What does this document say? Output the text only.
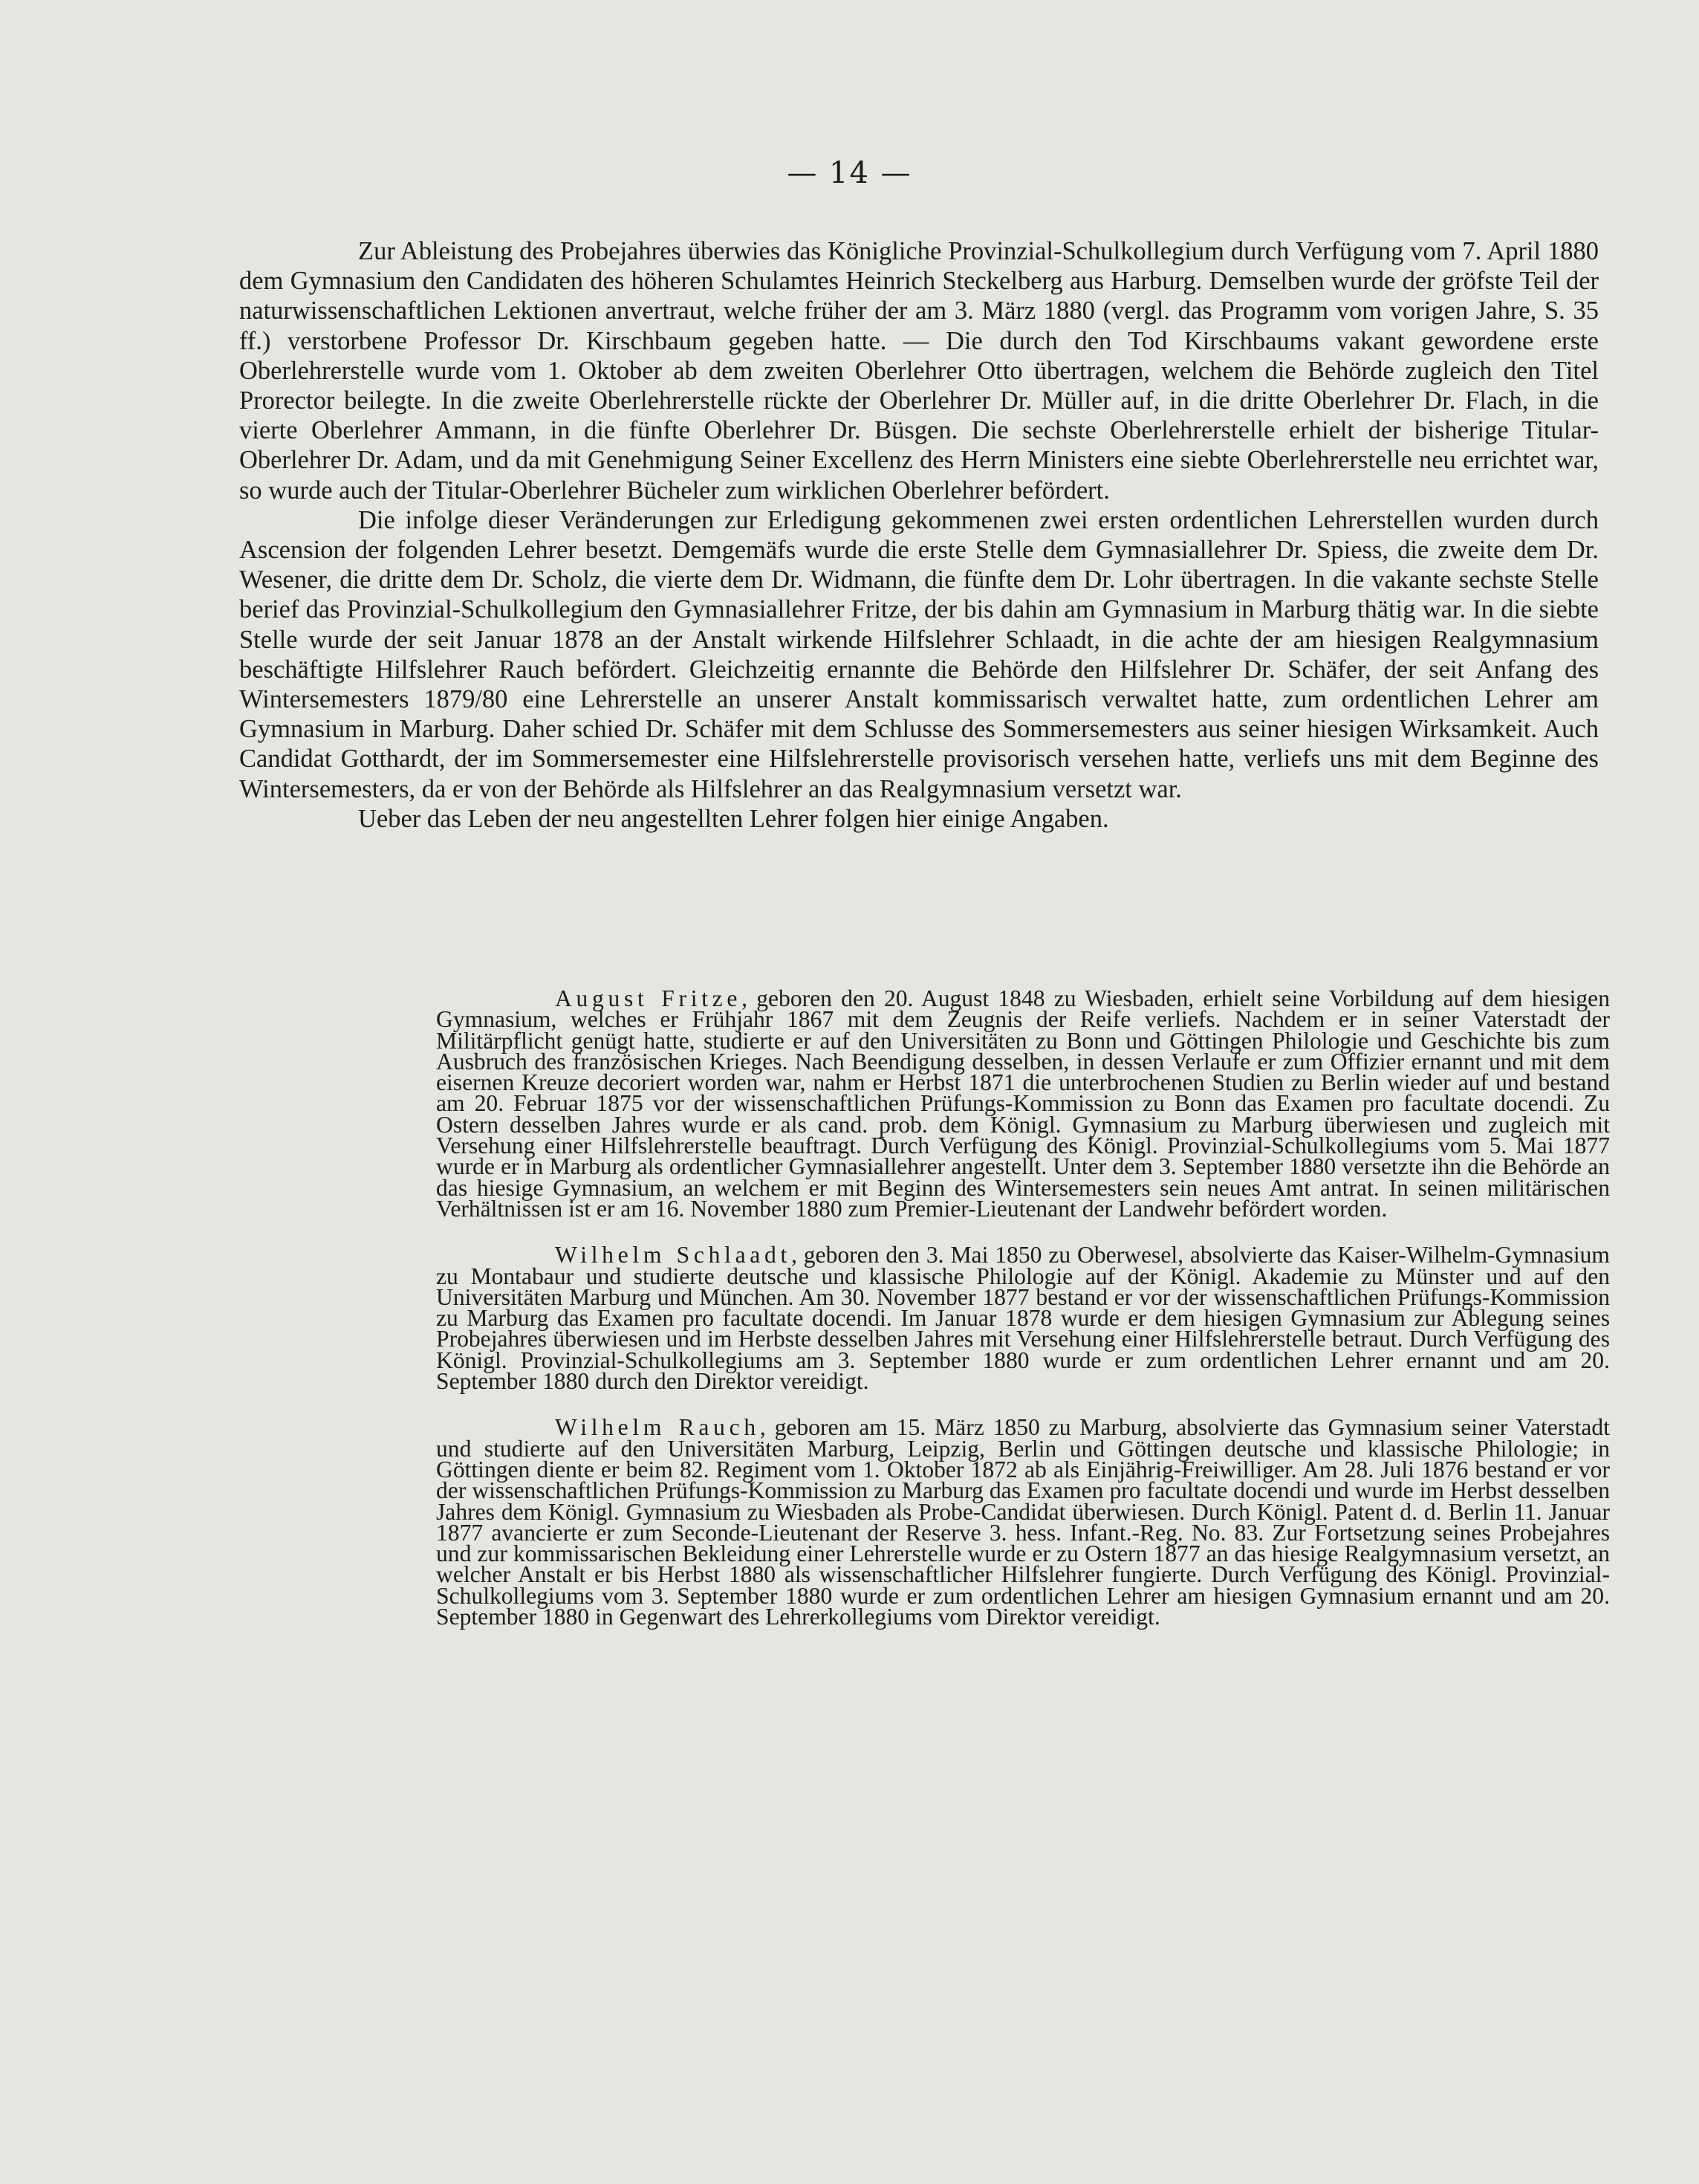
— 14 —

Zur Ableistung des Probejahres überwies das Königliche Provinzial-Schulkollegium durch Verfügung vom 7. April 1880 dem Gymnasium den Candidaten des höheren Schulamtes Heinrich Steckelberg aus Harburg. Demselben wurde der gröfste Teil der naturwissenschaftlichen Lektionen anvertraut, welche früher der am 3. März 1880 (vergl. das Programm vom vorigen Jahre, S. 35 ff.) verstorbene Professor Dr. Kirschbaum gegeben hatte. — Die durch den Tod Kirschbaums vakant gewordene erste Oberlehrerstelle wurde vom 1. Oktober ab dem zweiten Oberlehrer Otto übertragen, welchem die Behörde zugleich den Titel Prorector beilegte. In die zweite Oberlehrerstelle rückte der Oberlehrer Dr. Müller auf, in die dritte Oberlehrer Dr. Flach, in die vierte Oberlehrer Ammann, in die fünfte Oberlehrer Dr. Büsgen. Die sechste Oberlehrerstelle erhielt der bisherige Titular-Oberlehrer Dr. Adam, und da mit Genehmigung Seiner Excellenz des Herrn Ministers eine siebte Oberlehrerstelle neu errichtet war, so wurde auch der Titular-Oberlehrer Bücheler zum wirklichen Oberlehrer befördert.

Die infolge dieser Veränderungen zur Erledigung gekommenen zwei ersten ordentlichen Lehrerstellen wurden durch Ascension der folgenden Lehrer besetzt. Demgemäfs wurde die erste Stelle dem Gymnasiallehrer Dr. Spiess, die zweite dem Dr. Wesener, die dritte dem Dr. Scholz, die vierte dem Dr. Widmann, die fünfte dem Dr. Lohr übertragen. In die vakante sechste Stelle berief das Provinzial-Schulkollegium den Gymnasiallehrer Fritze, der bis dahin am Gymnasium in Marburg thätig war. In die siebte Stelle wurde der seit Januar 1878 an der Anstalt wirkende Hilfslehrer Schlaadt, in die achte der am hiesigen Realgymnasium beschäftigte Hilfslehrer Rauch befördert. Gleichzeitig ernannte die Behörde den Hilfslehrer Dr. Schäfer, der seit Anfang des Wintersemesters 1879/80 eine Lehrerstelle an unserer Anstalt kommissarisch verwaltet hatte, zum ordentlichen Lehrer am Gymnasium in Marburg. Daher schied Dr. Schäfer mit dem Schlusse des Sommersemesters aus seiner hiesigen Wirksamkeit. Auch Candidat Gotthardt, der im Sommersemester eine Hilfslehrerstelle provisorisch versehen hatte, verliefs uns mit dem Beginne des Wintersemesters, da er von der Behörde als Hilfslehrer an das Realgymnasium versetzt war.

Ueber das Leben der neu angestellten Lehrer folgen hier einige Angaben.

August Fritze, geboren den 20. August 1848 zu Wiesbaden, erhielt seine Vorbildung auf dem hiesigen Gymnasium, welches er Frühjahr 1867 mit dem Zeugnis der Reife verliefs. Nachdem er in seiner Vaterstadt der Militärpflicht genügt hatte, studierte er auf den Universitäten zu Bonn und Göttingen Philologie und Geschichte bis zum Ausbruch des französischen Krieges. Nach Beendigung desselben, in dessen Verlaufe er zum Offizier ernannt und mit dem eisernen Kreuze decoriert worden war, nahm er Herbst 1871 die unterbrochenen Studien zu Berlin wieder auf und bestand am 20. Februar 1875 vor der wissenschaftlichen Prüfungs-Kommission zu Bonn das Examen pro facultate docendi. Zu Ostern desselben Jahres wurde er als cand. prob. dem Königl. Gymnasium zu Marburg überwiesen und zugleich mit Versehung einer Hilfslehrerstelle beauftragt. Durch Verfügung des Königl. Provinzial-Schulkollegiums vom 5. Mai 1877 wurde er in Marburg als ordentlicher Gymnasiallehrer angestellt. Unter dem 3. September 1880 versetzte ihn die Behörde an das hiesige Gymnasium, an welchem er mit Beginn des Wintersemesters sein neues Amt antrat. In seinen militärischen Verhältnissen ist er am 16. November 1880 zum Premier-Lieutenant der Landwehr befördert worden.

Wilhelm Schlaadt, geboren den 3. Mai 1850 zu Oberwesel, absolvierte das Kaiser-Wilhelm-Gymnasium zu Montabaur und studierte deutsche und klassische Philologie auf der Königl. Akademie zu Münster und auf den Universitäten Marburg und München. Am 30. November 1877 bestand er vor der wissenschaftlichen Prüfungs-Kommission zu Marburg das Examen pro facultate docendi. Im Januar 1878 wurde er dem hiesigen Gymnasium zur Ablegung seines Probejahres überwiesen und im Herbste desselben Jahres mit Versehung einer Hilfslehrerstelle betraut. Durch Verfügung des Königl. Provinzial-Schulkollegiums am 3. September 1880 wurde er zum ordentlichen Lehrer ernannt und am 20. September 1880 durch den Direktor vereidigt.

Wilhelm Rauch, geboren am 15. März 1850 zu Marburg, absolvierte das Gymnasium seiner Vaterstadt und studierte auf den Universitäten Marburg, Leipzig, Berlin und Göttingen deutsche und klassische Philologie; in Göttingen diente er beim 82. Regiment vom 1. Oktober 1872 ab als Einjährig-Freiwilliger. Am 28. Juli 1876 bestand er vor der wissenschaftlichen Prüfungs-Kommission zu Marburg das Examen pro facultate docendi und wurde im Herbst desselben Jahres dem Königl. Gymnasium zu Wiesbaden als Probe-Candidat überwiesen. Durch Königl. Patent d. d. Berlin 11. Januar 1877 avancierte er zum Seconde-Lieutenant der Reserve 3. hess. Infant.-Reg. No. 83. Zur Fortsetzung seines Probejahres und zur kommissarischen Bekleidung einer Lehrerstelle wurde er zu Ostern 1877 an das hiesige Realgymnasium versetzt, an welcher Anstalt er bis Herbst 1880 als wissenschaftlicher Hilfslehrer fungierte. Durch Verfügung des Königl. Provinzial-Schulkollegiums vom 3. September 1880 wurde er zum ordentlichen Lehrer am hiesigen Gymnasium ernannt und am 20. September 1880 in Gegenwart des Lehrerkollegiums vom Direktor vereidigt.
